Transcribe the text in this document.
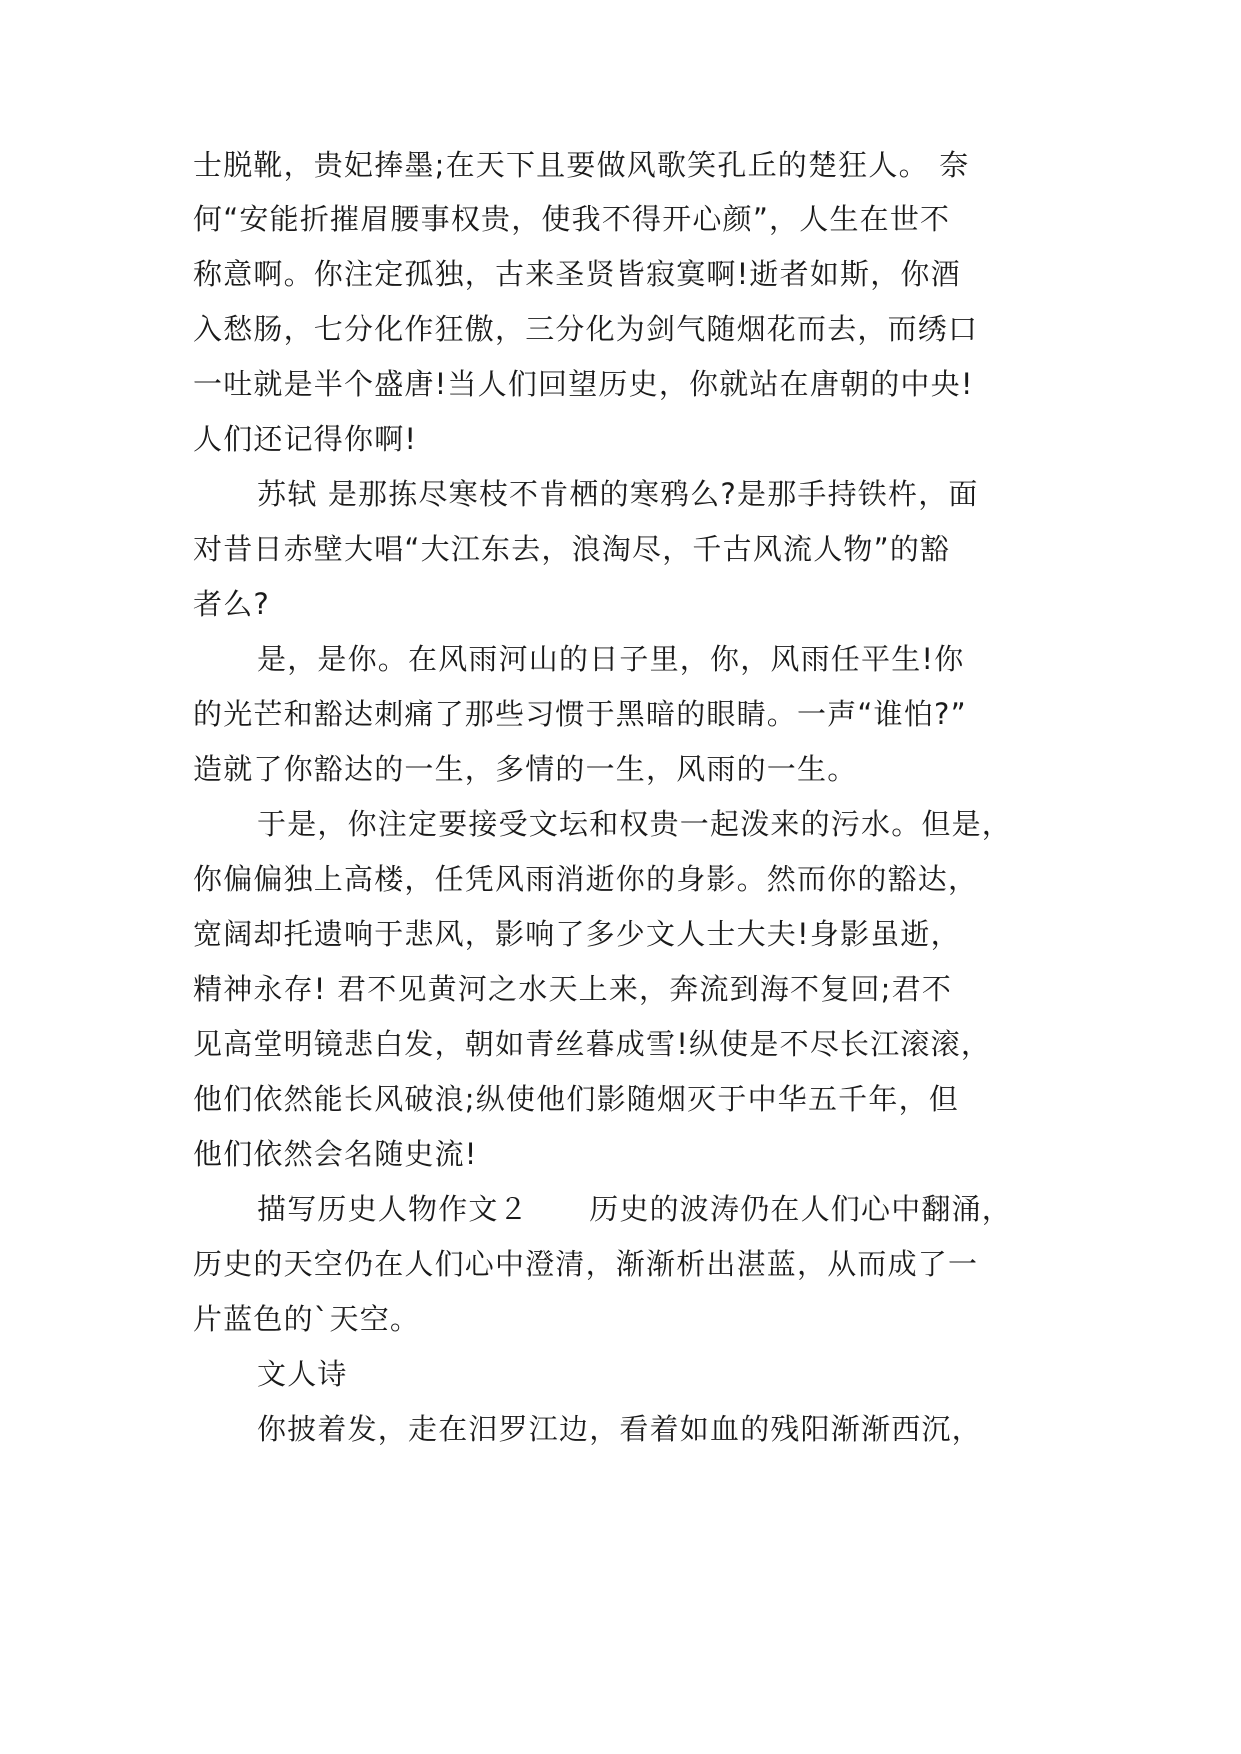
士脱靴，贵妃捧墨;在天下且要做风歌笑孔丘的楚狂人。 奈
何“安能折摧眉腰事权贵，使我不得开心颜”，人生在世不
称意啊。你注定孤独，古来圣贤皆寂寞啊!逝者如斯，你酒
入愁肠，七分化作狂傲，三分化为剑气随烟花而去，而绣口
一吐就是半个盛唐!当人们回望历史，你就站在唐朝的中央!
人们还记得你啊!
苏轼 是那拣尽寒枝不肯栖的寒鸦么?是那手持铁杵，面
对昔日赤壁大唱“大江东去，浪淘尽，千古风流人物”的豁
者么?
是，是你。在风雨河山的日子里，你，风雨任平生!你
的光芒和豁达刺痛了那些习惯于黑暗的眼睛。一声“谁怕?”
造就了你豁达的一生，多情的一生，风雨的一生。
于是，你注定要接受文坛和权贵一起泼来的污水。但是，
你偏偏独上高楼，任凭风雨消逝你的身影。然而你的豁达，
宽阔却托遗响于悲风，影响了多少文人士大夫!身影虽逝，
精神永存! 君不见黄河之水天上来，奔流到海不复回;君不
见高堂明镜悲白发，朝如青丝暮成雪!纵使是不尽长江滚滚，
他们依然能长风破浪;纵使他们影随烟灭于中华五千年，但
他们依然会名随史流!
描写历史人物作文２　　历史的波涛仍在人们心中翻涌，
历史的天空仍在人们心中澄清，渐渐析出湛蓝，从而成了一
片蓝色的`天空。
文人诗
你披着发，走在汨罗江边，看着如血的残阳渐渐西沉，
